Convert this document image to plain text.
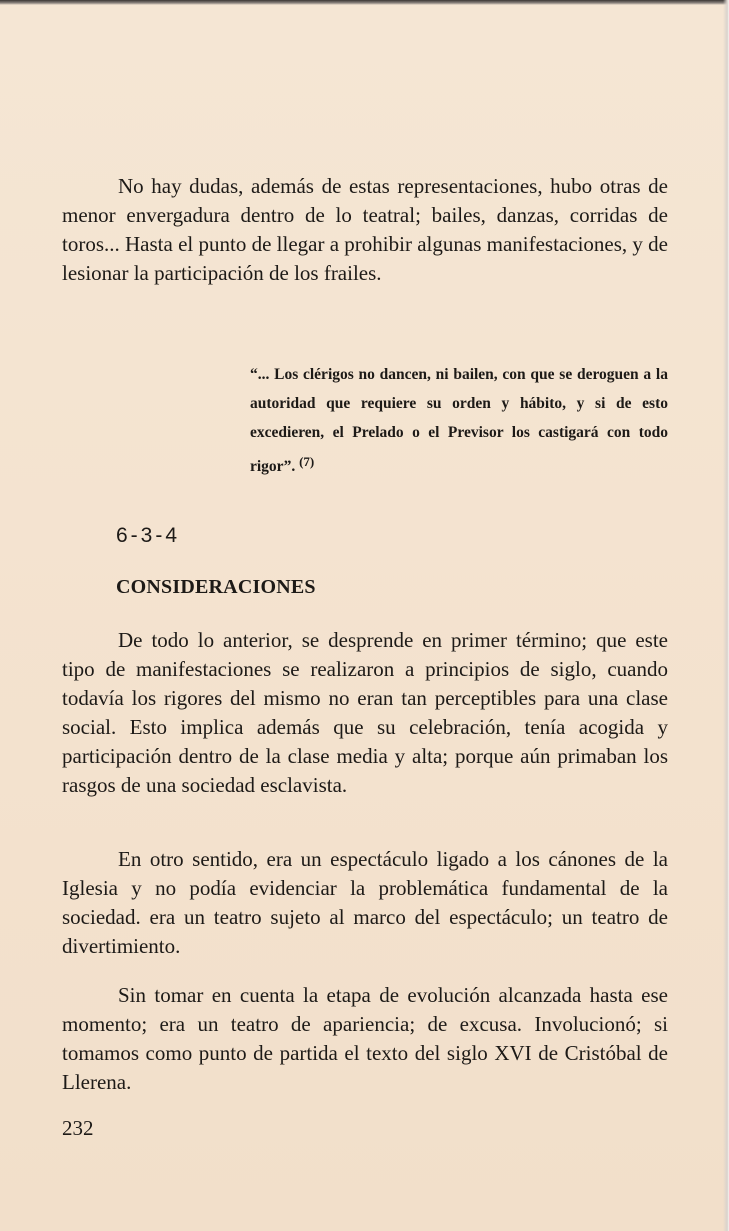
No hay dudas, además de estas representaciones, hubo otras de menor envergadura dentro de lo teatral; bailes, danzas, corridas de toros... Hasta el punto de llegar a prohibir algunas manifestaciones, y de lesionar la participación de los frailes.

“... Los clérigos no dancen, ni bailen, con que se deroguen a la autoridad que requiere su orden y hábito, y si de esto excedieren, el Prelado o el Previsor los castigará con todo rigor”. $^{(7)}$

6-3-4
CONSIDERACIONES

De todo lo anterior, se desprende en primer término; que este tipo de manifestaciones se realizaron a principios de siglo, cuando todavía los rigores del mismo no eran tan perceptibles para una clase social. Esto implica además que su celebración, tenía acogida y participación dentro de la clase media y alta; porque aún primaban los rasgos de una sociedad esclavista.

En otro sentido, era un espectáculo ligado a los cánones de la Iglesia y no podía evidenciar la problemática fundamental de la sociedad. era un teatro sujeto al marco del espectáculo; un teatro de divertimiento.

Sin tomar en cuenta la etapa de evolución alcanzada hasta ese momento; era un teatro de apariencia; de excusa. Involucionó; si tomamos como punto de partida el texto del siglo XVI de Cristóbal de Llerena.

232
